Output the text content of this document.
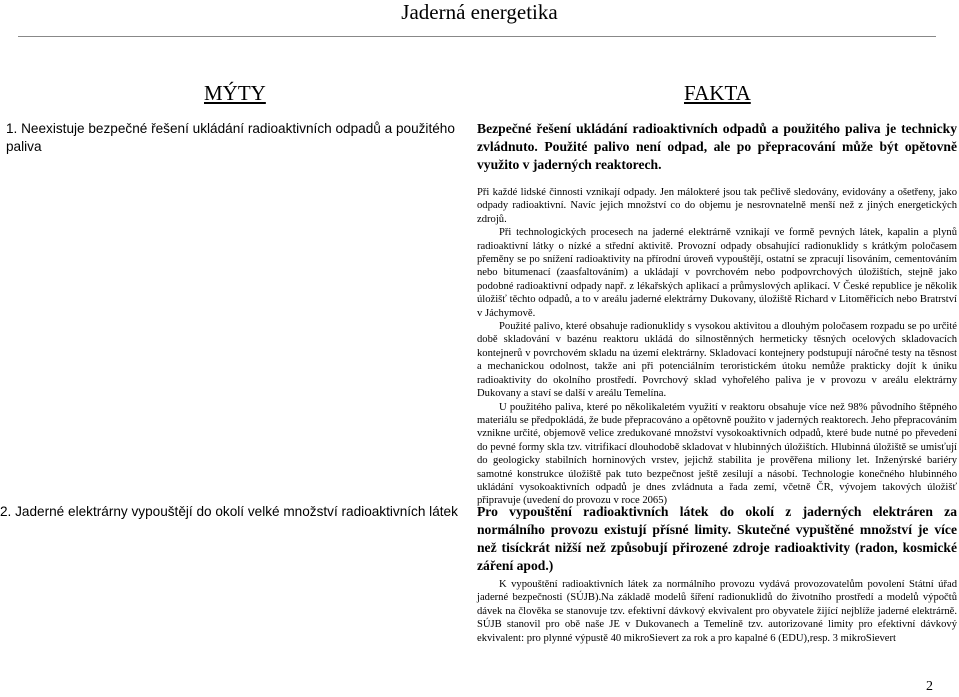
Jaderná energetika
MÝTY	FAKTA
1. Neexistuje bezpečné řešení ukládání radioaktivních odpadů a použitého paliva
Bezpečné řešení ukládání radioaktivních odpadů a použitého paliva je technicky zvládnuto. Použité palivo není odpad, ale po přepracování může být opětovně využito v jaderných reaktorech.

Při každé lidské činnosti vznikají odpady. Jen málokteré jsou tak pečlivě sledovány, evidovány a ošetřeny, jako odpady radioaktivní. Navíc jejich množství co do objemu je nesrovnatelně menší než z jiných energetických zdrojů.

Při technologických procesech na jaderné elektrárně vznikají ve formě pevných látek, kapalin a plynů radioaktivní látky o nízké a střední aktivitě. Provozní odpady obsahující radionuklidy s krátkým poločasem přeměny se po snížení radioaktivity na přírodní úroveň vypouštějí, ostatní se zpracují lisováním, cementováním nebo bitumenací (zaasfaltováním) a ukládají v povrchovém nebo podpovrchových úložištích, stejně jako podobné radioaktivní odpady např. z lékařských aplikací a průmyslových aplikací. V České republice je několik úložišť těchto odpadů, a to v areálu jaderné elektrárny Dukovany, úložiště Richard v Litoměřicích nebo Bratrství v Jáchymově.

Použité palivo, které obsahuje radionuklidy s vysokou aktivitou a dlouhým poločasem rozpadu se po určité době skladování v bazénu reaktoru ukládá do silnostěnných hermeticky těsných ocelových skladovacích kontejnerů v povrchovém skladu na území elektrárny. Skladovací kontejnery podstupují náročné testy na těsnost a mechanickou odolnost, takže ani při potenciálním teroristickém útoku nemůže prakticky dojít k úniku radioaktivity do okolního prostředí. Povrchový sklad vyhořelého paliva je v provozu v areálu elektrárny Dukovany a staví se další v areálu Temelína.

U použitého paliva, které po několikaletém využití v reaktoru obsahuje více než 98% původního štěpného materiálu se předpokládá, že bude přepracováno a opětovně použito v jaderných reaktorech. Jeho přepracováním vznikne určité, objemově velice zredukované množství vysokoaktivních odpadů, které bude nutné po převedení do pevné formy skla tzv. vitrifikací dlouhodobě skladovat v hlubinných úložištích. Hlubinná úložiště se umisťují do geologicky stabilních horninových vrstev, jejichž stabilita je prověřena miliony let. Inženýrské bariéry samotné konstrukce úložiště pak tuto bezpečnost ještě zesilují a násobí. Technologie konečného hlubinného ukládání vysokoaktivních odpadů je dnes zvládnuta a řada zemí, včetně ČR, vývojem takových úložišť připravuje (uvedení do provozu v roce 2065)

2. Jaderné elektrárny vypouštějí do okolí velké množství radioaktivních látek	Pro vypouštění radioaktivních látek do okolí z jaderných elektráren za normálního provozu existují přísné limity. Skutečné vypuštěné množství je více než tisíckrát nižší než způsobují přirozené zdroje radioaktivity (radon, kosmické záření apod.)

K vypouštění radioaktivních látek za normálního provozu vydává provozovatelům povolení Státní úřad jaderné bezpečnosti (SÚJB).Na základě modelů šíření radionuklidů do životního prostředí a modelů výpočtů dávek na člověka se stanovuje tzv. efektivní dávkový ekvivalent pro obyvatele žijící nejblíže jaderné elektrárně. SÚJB stanovil pro obě naše JE v Dukovanech a Temelíně tzv. autorizované limity pro efektivní dávkový ekvivalent: pro plynné výpustě 40 mikroSievert za rok a pro kapalné 6 (EDU),resp. 3 mikroSievert

2
